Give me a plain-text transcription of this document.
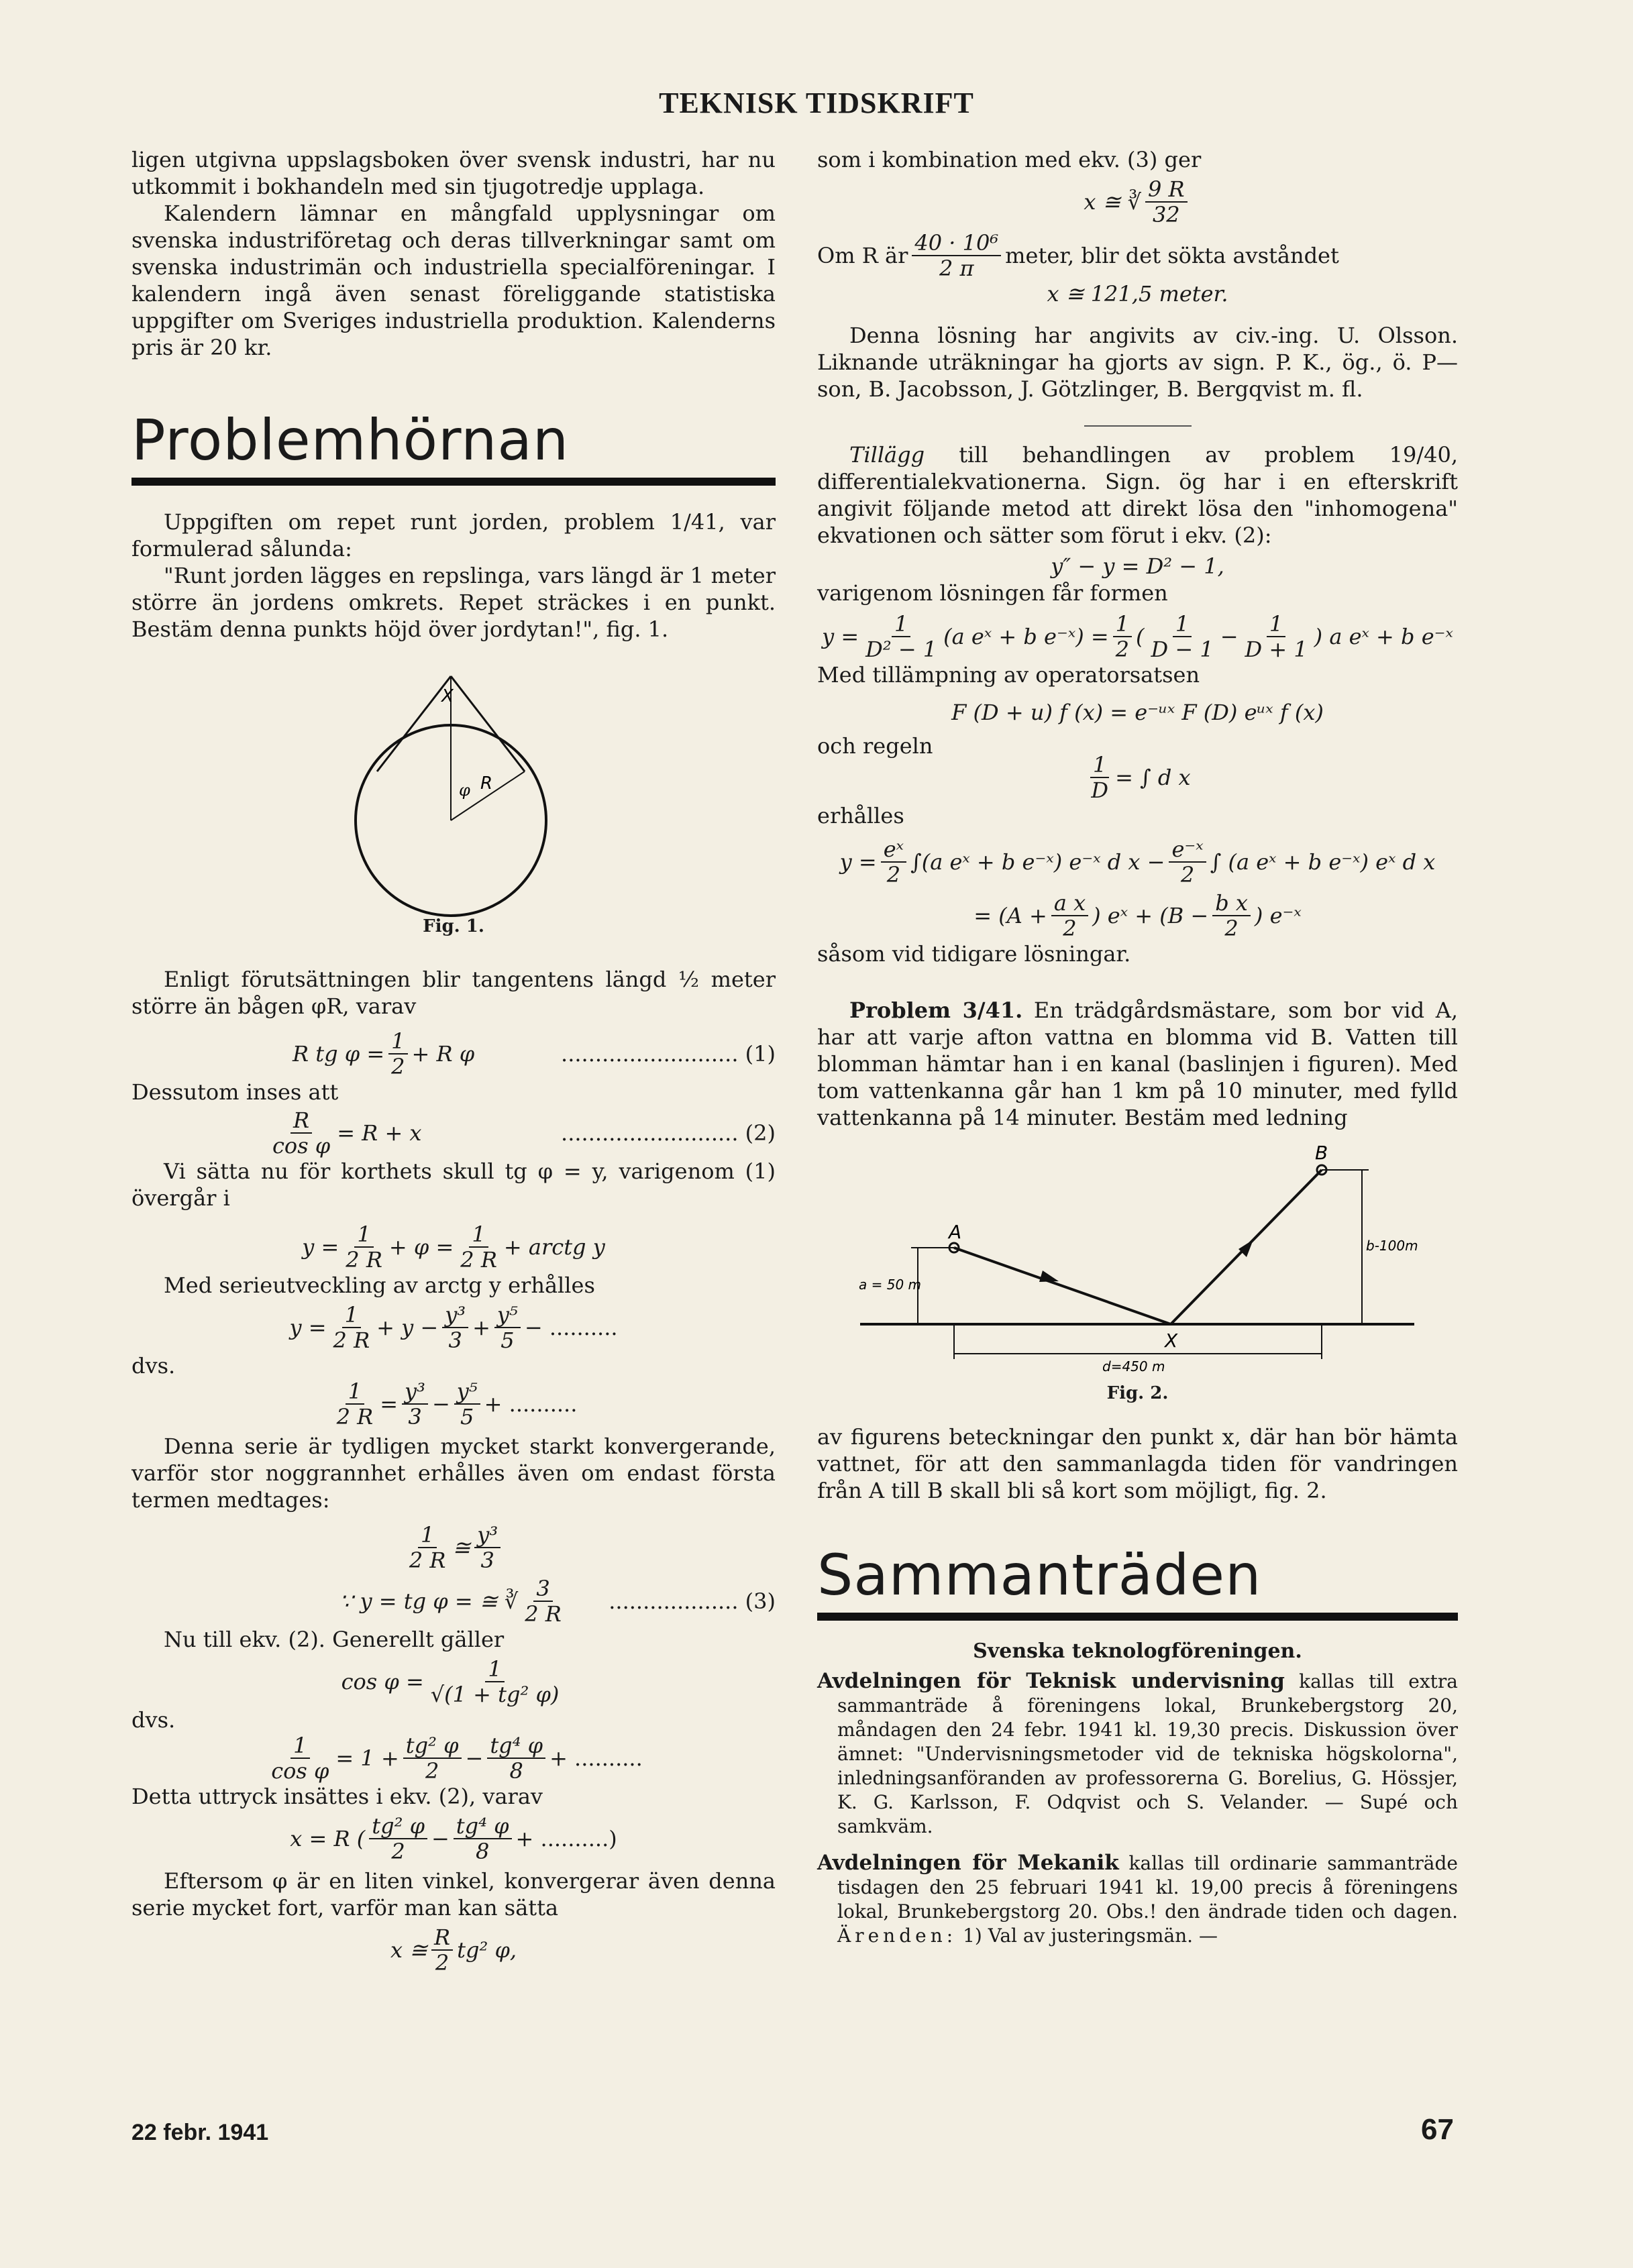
TEKNISK TIDSKRIFT

ligen utgivna uppslagsboken över svensk industri, har nu utkommit i bokhandeln med sin tjugotredje upplaga.

Kalendern lämnar en mångfald upplysningar om svenska industriföretag och deras tillverkningar samt om svenska industrimän och industriella specialföreningar. I kalendern ingå även senast föreliggande statistiska uppgifter om Sveriges industriella produktion. Kalenderns pris är 20 kr.

Problemhörnan

Uppgiften om repet runt jorden, problem 1/41, var formulerad sålunda:

"Runt jorden lägges en repslinga, vars längd är 1 meter större än jordens omkrets. Repet sträckes i en punkt. Bestäm denna punkts höjd över jordytan!", fig. 1.

X
φ R
Fig. 1.

Enligt förutsättningen blir tangentens längd ½ meter större än bågen φR, varav

R tg $\varphi = \frac{1}{2} + R$ φ	.......................... (1)

Dessutom inses att

$\frac{R}{\text{cos φ}} = R + x$	.......................... (2)

Vi sätta nu för korthets skull tg φ = y, varigenom (1) övergår i

$y = \frac{1}{2 R} + \varphi = \frac{1}{2 R}$ + arctg y

Med serieutveckling av arctg y erhålles

$y = \frac{1}{2 R} + y - \frac{\text{y³}}{3} + \frac{\text{y⁵}}{5}$ − ..........

dvs.

$\frac{1}{2 R} = \frac{\text{y³}}{3} - \frac{\text{y⁵}}{5}$ + ..........

Denna serie är tydligen mycket starkt konvergerande, varför stor noggrannhet erhålles även om endast första termen medtages:

$\frac{1}{2 R}$ ≅ $\frac{\text{y³}}{3}$
∵ y = tg φ = ≅ ∛ $\frac{3}{2 R}$ ................... (3)

Nu till ekv. (2). Generellt gäller

$\cos \varphi = \frac{1}{\text{√(1 + tg² φ)}}$

dvs.

$\frac{1}{\text{cos φ}} = 1 + \frac{\text{tg² φ}}{2} - \frac{\text{tg⁴ φ}}{8}$ + ..........

Detta uttryck insättes i ekv. (2), varav

x = R ( $\frac{\text{tg² φ}}{2} - \frac{\text{tg⁴ φ}}{8}$ + ..........)

Eftersom φ är en liten vinkel, konvergerar även denna serie mycket fort, varför man kan sätta

x ≅ $\frac{R}{2} tg^2$ φ,

som i kombination med ekv. (3) ger

x ≅ ∛ $\frac{9 R}{32}$
Om R är $\frac{\text{40 · 10⁶}}{2 \pi}$ meter, blir det sökta avståndet

x ≅ 121,5 meter.

Denna lösning har angivits av civ.-ing. U. Olsson. Liknande uträkningar ha gjorts av sign. P. K., ög., ö. P—son, B. Jacobsson, J. Götzlinger, B. Bergqvist m. fl.

Tillägg till behandlingen av problem 19/40, differentialekvationerna. Sign. ög har i en efterskrift angivit följande metod att direkt lösa den "inhomogena" ekvationen och sätter som förut i ekv. (2):

y″ − y = D² − 1,

varigenom lösningen får formen

$y = \frac{1}{\text{D² − 1}} (a$ eˣ + b e⁻ˣ) = $\frac{1}{2}$ ( $\frac{1}{D - 1} - \frac{1}{D + 1}$ ) a eˣ + b e⁻ˣ

Med tillämpning av operatorsatsen

F (D + u) f (x) = e⁻ᵘˣ F (D) eᵘˣ f (x)

och regeln

$\frac{1}{D}$ = ∫ d x

erhålles

$y = \frac{\text{eˣ}}{2} \int(a$ eˣ + b e⁻ˣ) e⁻ˣ d $x - \frac{\text{e⁻ˣ}}{2}$ ∫ (a eˣ + b e⁻ˣ) eˣ d x
= ($A + \frac{\text{a x}}{2}$ ) eˣ + ($B - \frac{\text{b x}}{2}$ ) e⁻ˣ

såsom vid tidigare lösningar.

Problem 3/41. En trädgårdsmästare, som bor vid A, har att varje afton vattna en blomma vid B. Vatten till blomman hämtar han i en kanal (baslinjen i figuren). Med tom vattenkanna går han 1 km på 10 minuter, med fylld vattenkanna på 14 minuter. Bestäm med ledning

A
B
X
a = 50 m
b-100m
d=450 m
Fig. 2.

av figurens beteckningar den punkt x, där han bör hämta vattnet, för att den sammanlagda tiden för vandringen från A till B skall bli så kort som möjligt, fig. 2.

Sammanträden

Svenska teknologföreningen.

Avdelningen för Teknisk undervisning kallas till extra sammanträde å föreningens lokal, Brunkebergstorg 20, måndagen den 24 febr. 1941 kl. 19,30 precis. Diskussion över ämnet: "Undervisningsmetoder vid de tekniska högskolorna", inledningsanföranden av professorerna G. Borelius, G. Hössjer, K. G. Karlsson, F. Odqvist och S. Velander. — Supé och samkväm.

Avdelningen för Mekanik kallas till ordinarie sammanträde tisdagen den 25 februari 1941 kl. 19,00 precis å föreningens lokal, Brunkebergstorg 20. Obs.! den ändrade tiden och dagen. Ärenden: 1) Val av justeringsmän. —

22 febr. 1941	67
